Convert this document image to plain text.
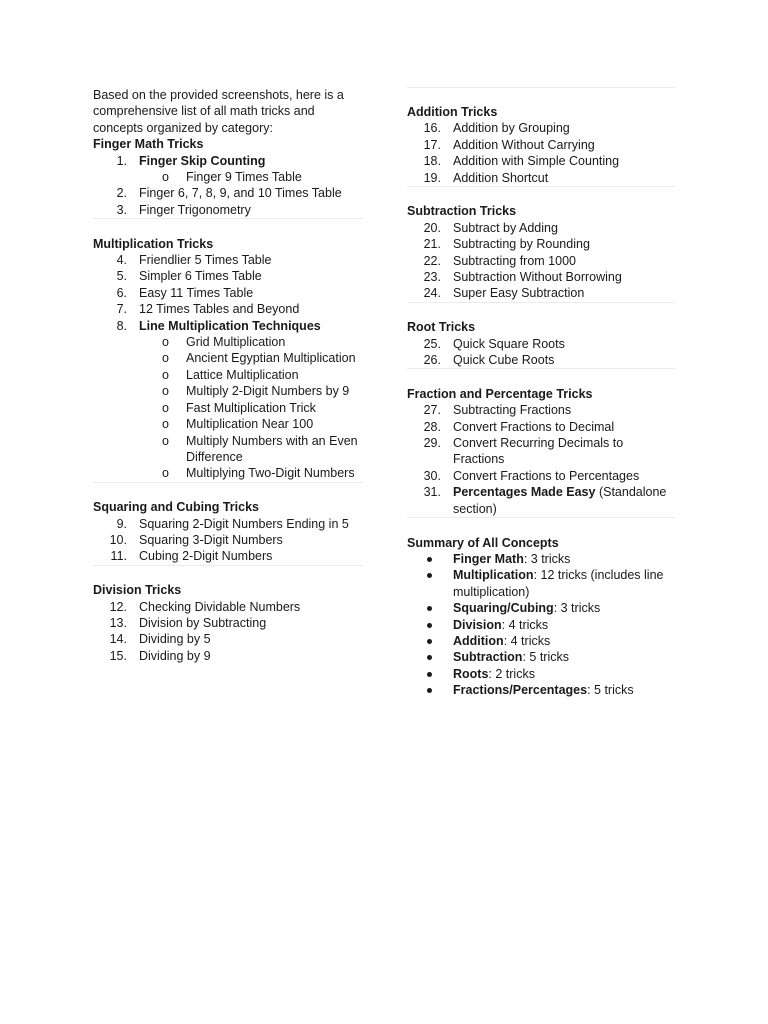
Based on the provided screenshots, here is a comprehensive list of all math tricks and concepts organized by category:

Finger Math Tricks

1. Finger Skip Counting
o Finger 9 Times Table
2. Finger 6, 7, 8, 9, and 10 Times Table
3. Finger Trigonometry

Multiplication Tricks

4. Friendlier 5 Times Table
5. Simpler 6 Times Table
6. Easy 11 Times Table
7. 12 Times Tables and Beyond
8. Line Multiplication Techniques
o Grid Multiplication
o Ancient Egyptian Multiplication
o Lattice Multiplication
o Multiply 2-Digit Numbers by 9
o Fast Multiplication Trick
o Multiplication Near 100
o Multiply Numbers with an Even Difference
o Multiplying Two-Digit Numbers

Squaring and Cubing Tricks

9. Squaring 2-Digit Numbers Ending in 5
10. Squaring 3-Digit Numbers
11. Cubing 2-Digit Numbers

Division Tricks

12. Checking Dividable Numbers
13. Division by Subtracting
14. Dividing by 5
15. Dividing by 9

Addition Tricks

16. Addition by Grouping
17. Addition Without Carrying
18. Addition with Simple Counting
19. Addition Shortcut

Subtraction Tricks

20. Subtract by Adding
21. Subtracting by Rounding
22. Subtracting from 1000
23. Subtraction Without Borrowing
24. Super Easy Subtraction

Root Tricks

25. Quick Square Roots
26. Quick Cube Roots

Fraction and Percentage Tricks

27. Subtracting Fractions
28. Convert Fractions to Decimal
29. Convert Recurring Decimals to Fractions
30. Convert Fractions to Percentages
31. Percentages Made Easy (Standalone section)

Summary of All Concepts

Finger Math: 3 tricks
Multiplication: 12 tricks (includes line multiplication)
Squaring/Cubing: 3 tricks
Division: 4 tricks
Addition: 4 tricks
Subtraction: 5 tricks
Roots: 2 tricks
Fractions/Percentages: 5 tricks
